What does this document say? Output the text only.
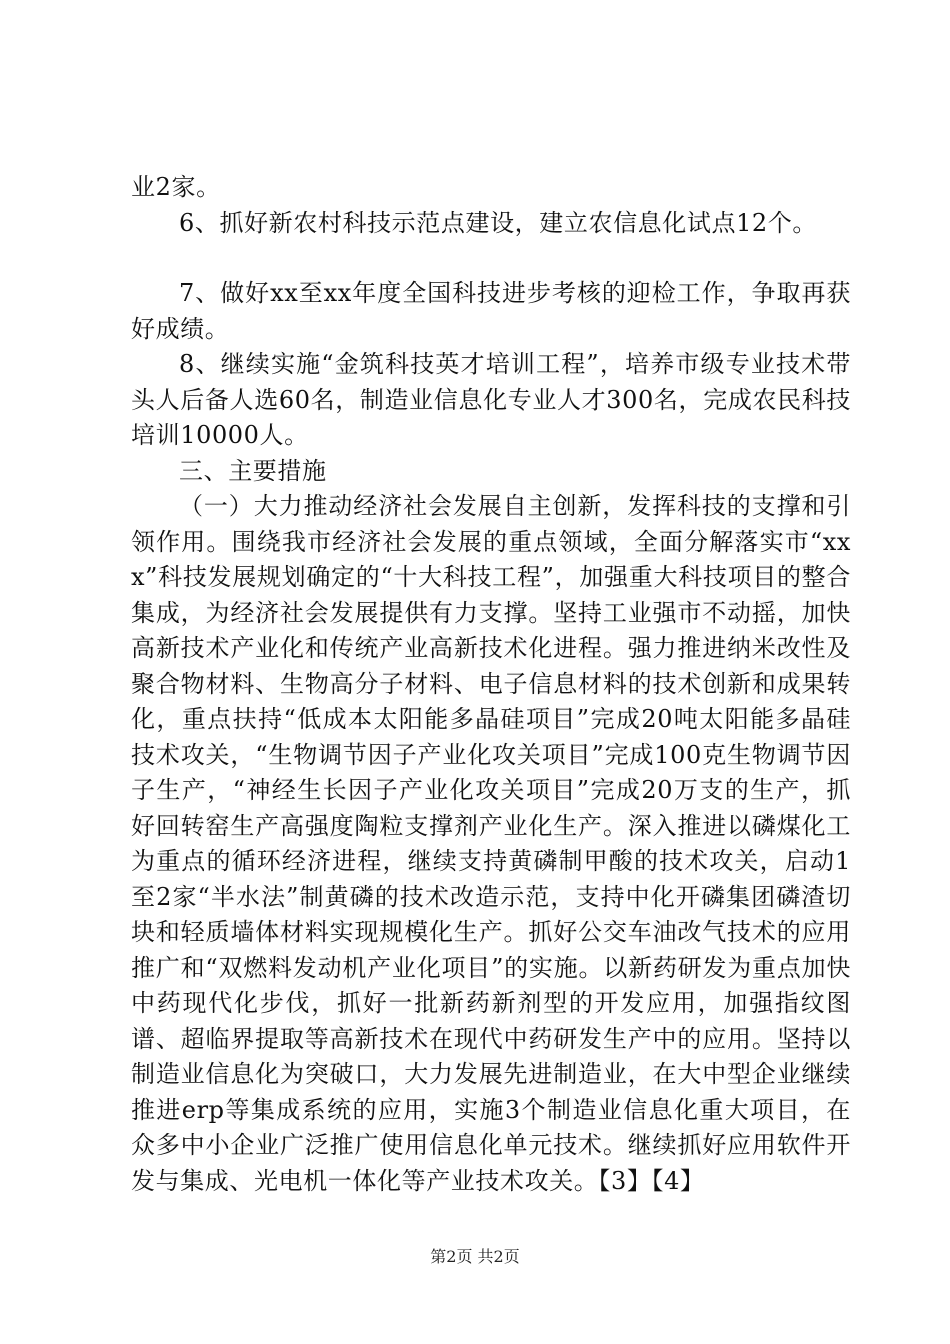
业2家。

6、抓好新农村科技示范点建设，建立农信息化试点12个。

7、做好xx至xx年度全国科技进步考核的迎检工作，争取再获好成绩。

8、继续实施“金筑科技英才培训工程”，培养市级专业技术带头人后备人选60名，制造业信息化专业人才300名，完成农民科技培训10000人。

三、主要措施

（一）大力推动经济社会发展自主创新，发挥科技的支撑和引领作用。围绕我市经济社会发展的重点领域，全面分解落实市“xxx”科技发展规划确定的“十大科技工程”，加强重大科技项目的整合集成，为经济社会发展提供有力支撑。坚持工业强市不动摇，加快高新技术产业化和传统产业高新技术化进程。强力推进纳米改性及聚合物材料、生物高分子材料、电子信息材料的技术创新和成果转化，重点扶持“低成本太阳能多晶硅项目”完成20吨太阳能多晶硅技术攻关，“生物调节因子产业化攻关项目”完成100克生物调节因子生产，“神经生长因子产业化攻关项目”完成20万支的生产，抓好回转窑生产高强度陶粒支撑剂产业化生产。深入推进以磷煤化工为重点的循环经济进程，继续支持黄磷制甲酸的技术攻关，启动1至2家“半水法”制黄磷的技术改造示范，支持中化开磷集团磷渣切块和轻质墙体材料实现规模化生产。抓好公交车油改气技术的应用推广和“双燃料发动机产业化项目”的实施。以新药研发为重点加快中药现代化步伐，抓好一批新药新剂型的开发应用，加强指纹图谱、超临界提取等高新技术在现代中药研发生产中的应用。坚持以制造业信息化为突破口，大力发展先进制造业，在大中型企业继续推进erp等集成系统的应用，实施3个制造业信息化重大项目，在众多中小企业广泛推广使用信息化单元技术。继续抓好应用软件开发与集成、光电机一体化等产业技术攻关。【3】【4】

第2页 共2页
